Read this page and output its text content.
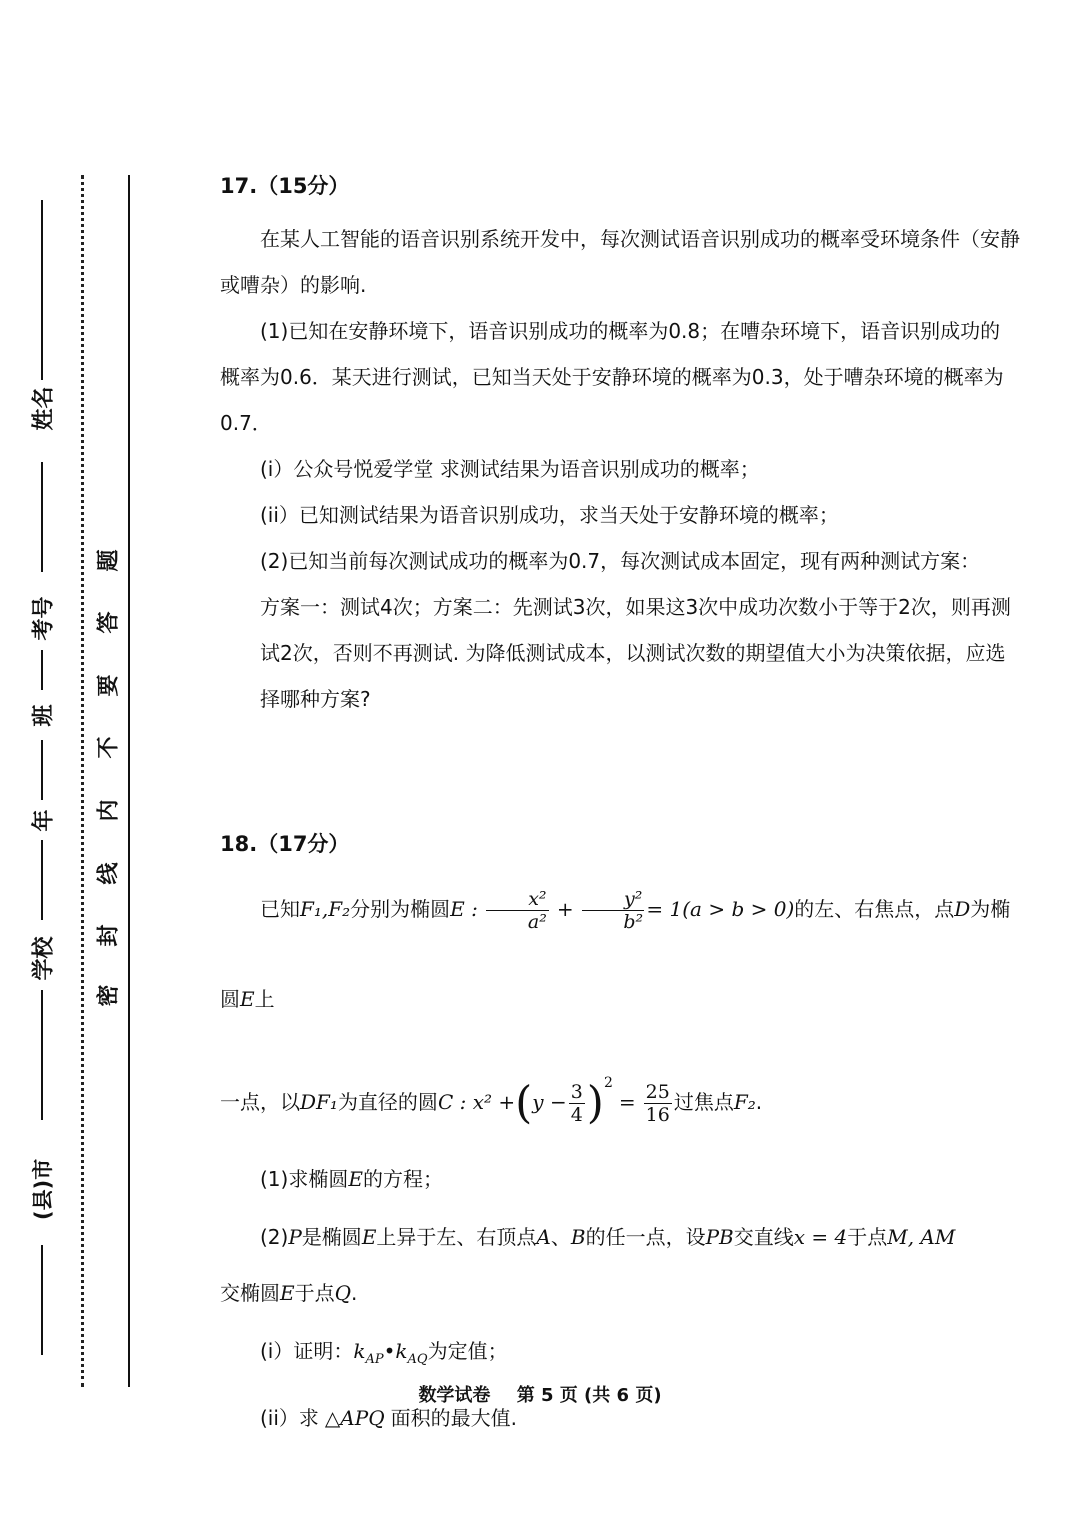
姓名
考号
班
年
学校
(县)市
题
答
要
不
内
线
封
密

17.（15分）

在某人工智能的语音识别系统开发中，每次测试语音识别成功的概率受环境条件（安静或嘈杂）的影响.

(1)已知在安静环境下，语音识别成功的概率为0.8；在嘈杂环境下，语音识别成功的概率为0.6．某天进行测试，已知当天处于安静环境的概率为0.3，处于嘈杂环境的概率为0.7．

(i）公众号悦爱学堂 求测试结果为语音识别成功的概率；

(ii）已知测试结果为语音识别成功，求当天处于安静环境的概率；

(2)已知当前每次测试成功的概率为0.7，每次测试成本固定，现有两种测试方案：

方案一：测试4次；方案二：先测试3次，如果这3次中成功次数小于等于2次，则再测试2次，否则不再测试. 为降低测试成本，以测试次数的期望值大小为决策依据，应选择哪种方案?

18.（17分）

已知F₁,F₂分别为椭圆E : $\frac{\text{x²}}{\text{a²}} + \frac{\text{y²}}{\text{b²}} = 1(a > b > 0)$的左、右焦点，点D为椭圆E上

一点，以DF₁为直径的圆C : $x^2 +(y - \frac{3}{4} )^2= \frac{25}{16}$ 过焦点F₂.

(1)求椭圆E的方程；

(2)P是椭圆E上异于左、右顶点A、B的任一点，设PB交直线x = 4于点M, AM

交椭圆E于点Q.

(i）证明：$k_{AP}•k_{AQ}$为定值；

(ii）求 △APQ 面积的最大值.

数学试卷 第 5 页 (共 6 页)
